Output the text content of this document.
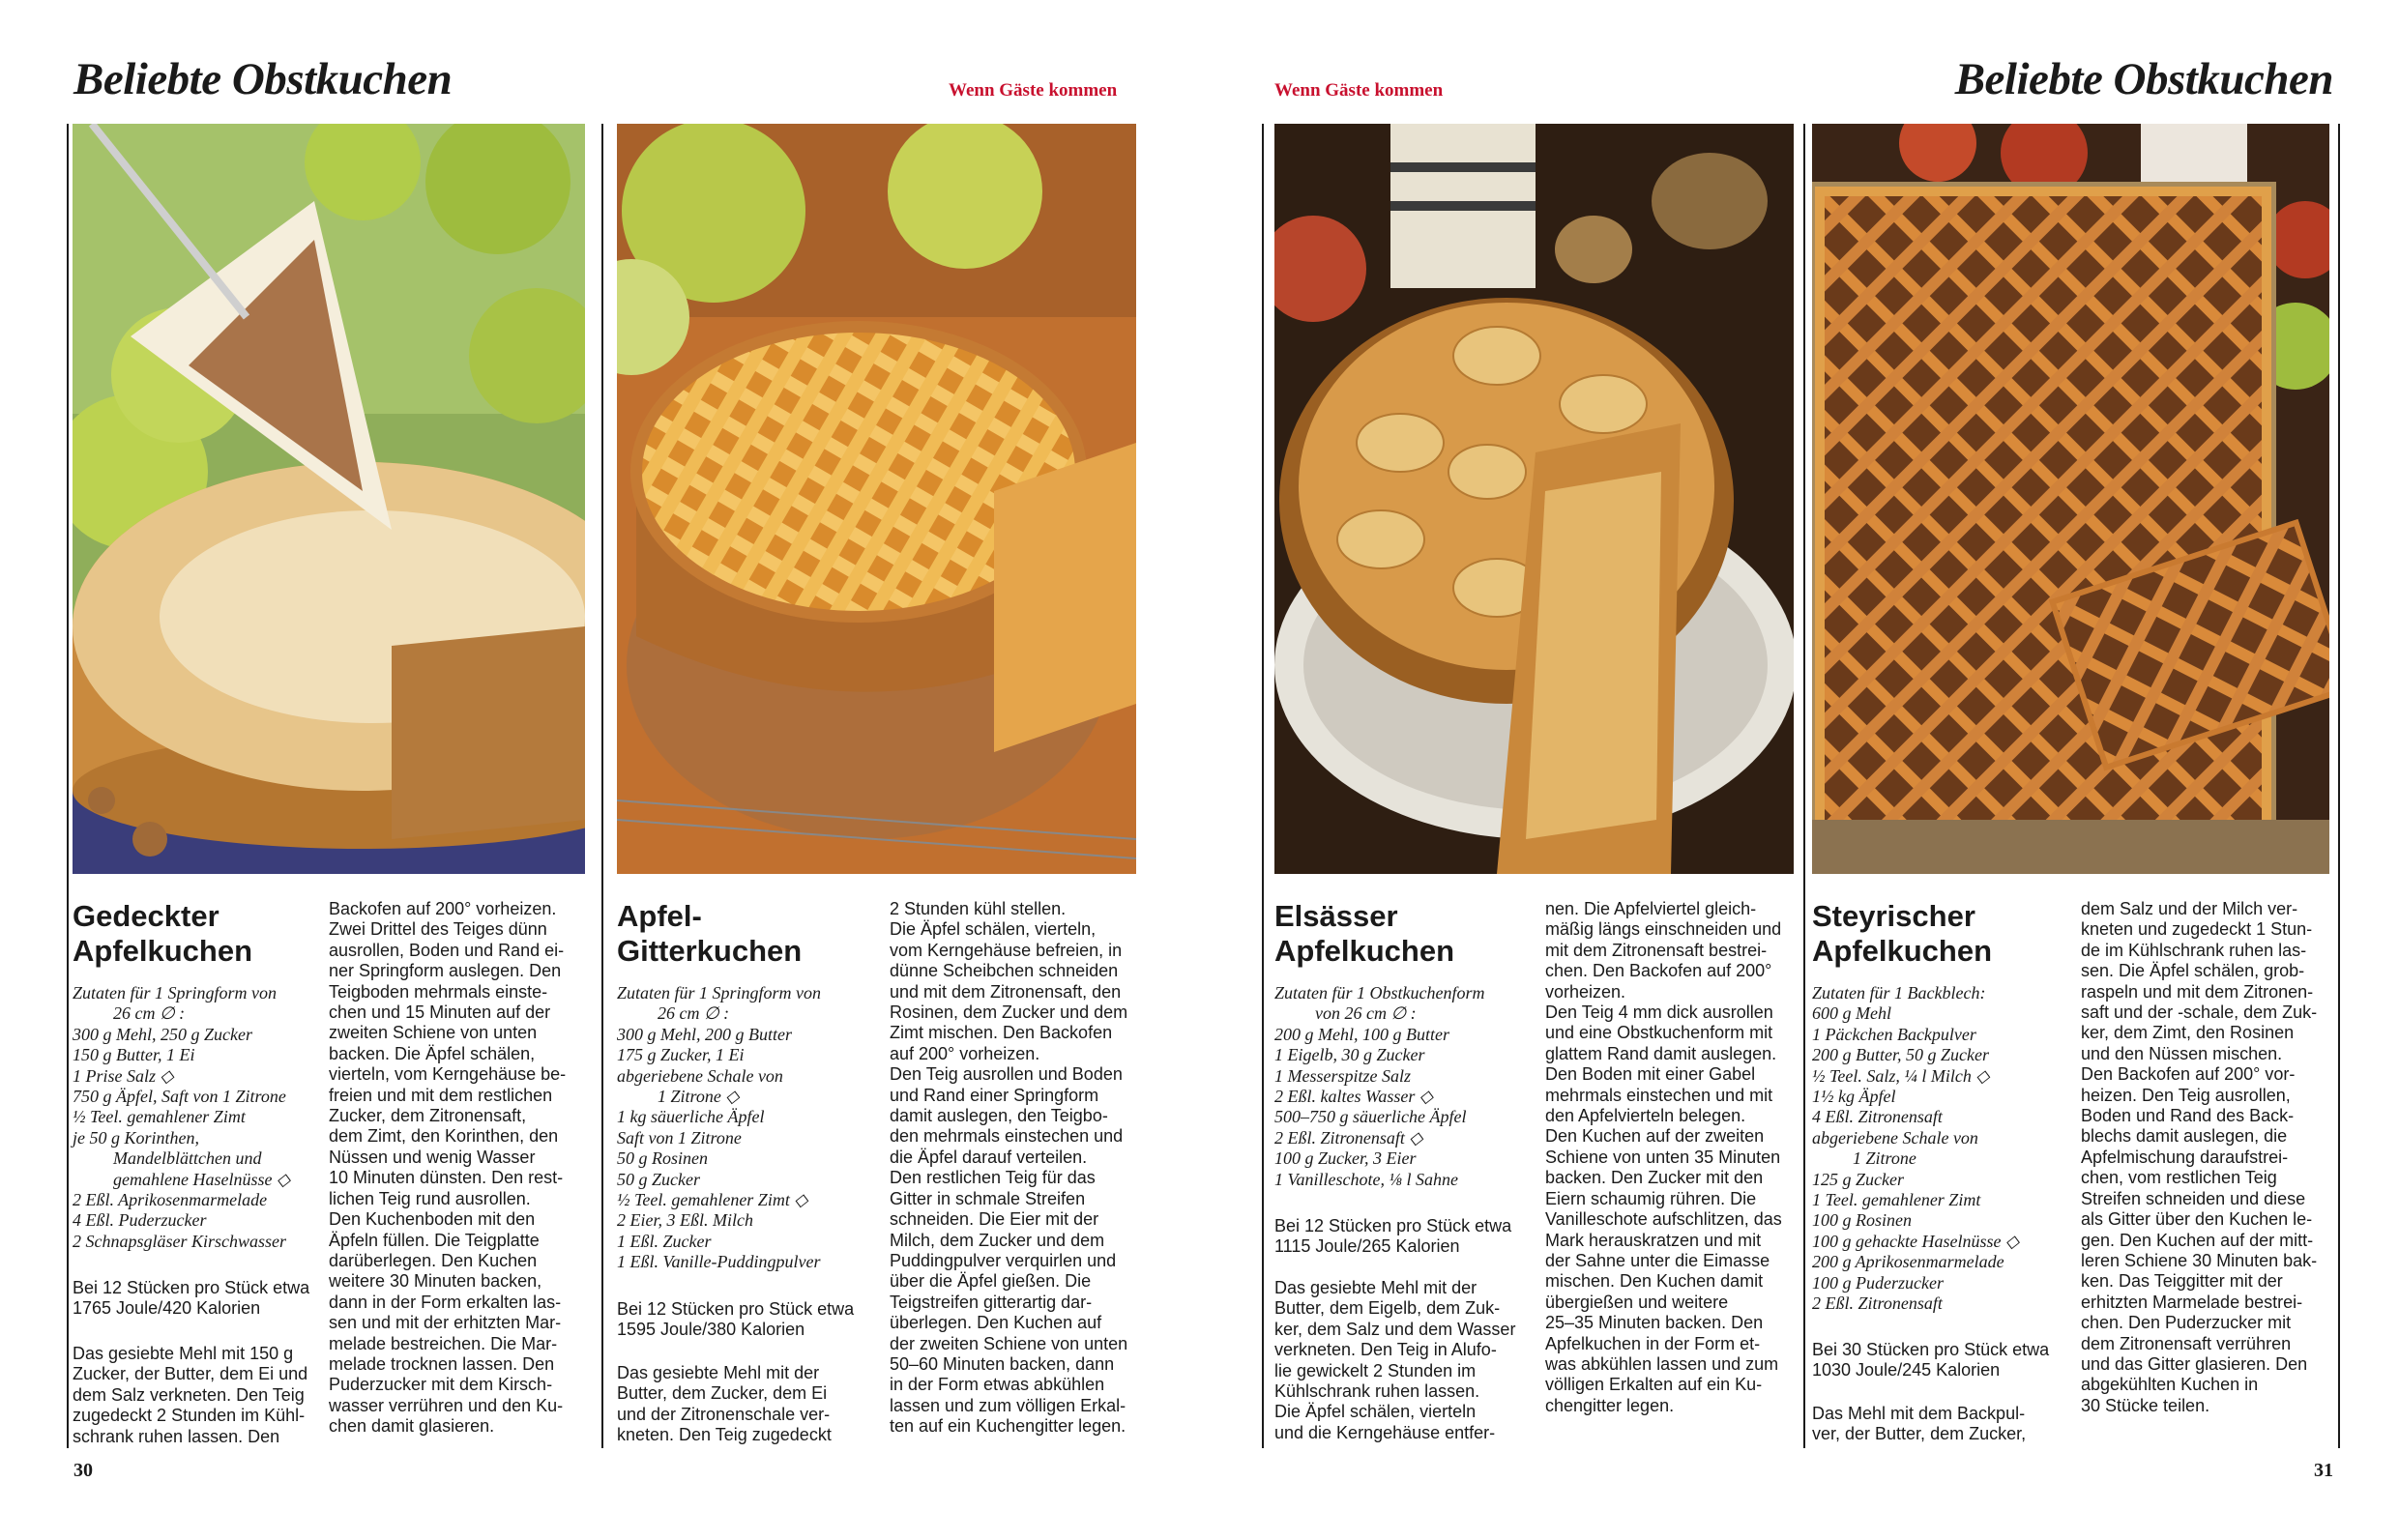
Beliebte Obstkuchen	Wenn Gäste kommen	Wenn Gäste kommen	Beliebte Obstkuchen
Gedeckter
Apfelkuchen
Zutaten für 1 Springform von
26 cm ∅ :
300 g Mehl, 250 g Zucker
150 g Butter, 1 Ei
1 Prise Salz ◇
750 g Äpfel, Saft von 1 Zitrone
½ Teel. gemahlener Zimt
je 50 g Korinthen,
Mandelblättchen und
gemahlene Haselnüsse ◇
2 Eßl. Aprikosenmarmelade
4 Eßl. Puderzucker
2 Schnapsgläser Kirschwasser
Bei 12 Stücken pro Stück etwa
1765 Joule/420 Kalorien
Das gesiebte Mehl mit 150 g
Zucker, der Butter, dem Ei und
dem Salz verkneten. Den Teig
zugedeckt 2 Stunden im Kühl-
schrank ruhen lassen. Den
Backofen auf 200° vorheizen.
Zwei Drittel des Teiges dünn
ausrollen, Boden und Rand ei-
ner Springform auslegen. Den
Teigboden mehrmals einste-
chen und 15 Minuten auf der
zweiten Schiene von unten
backen. Die Äpfel schälen,
vierteln, vom Kerngehäuse be-
freien und mit dem restlichen
Zucker, dem Zitronensaft,
dem Zimt, den Korinthen, den
Nüssen und wenig Wasser
10 Minuten dünsten. Den rest-
lichen Teig rund ausrollen.
Den Kuchenboden mit den
Äpfeln füllen. Die Teigplatte
darüberlegen. Den Kuchen
weitere 30 Minuten backen,
dann in der Form erkalten las-
sen und mit der erhitzten Mar-
melade bestreichen. Die Mar-
melade trocknen lassen. Den
Puderzucker mit dem Kirsch-
wasser verrühren und den Ku-
chen damit glasieren.
Apfel-
Gitterkuchen
Zutaten für 1 Springform von
26 cm ∅ :
300 g Mehl, 200 g Butter
175 g Zucker, 1 Ei
abgeriebene Schale von
1 Zitrone ◇
1 kg säuerliche Äpfel
Saft von 1 Zitrone
50 g Rosinen
50 g Zucker
½ Teel. gemahlener Zimt ◇
2 Eier, 3 Eßl. Milch
1 Eßl. Zucker
1 Eßl. Vanille-Puddingpulver
Bei 12 Stücken pro Stück etwa
1595 Joule/380 Kalorien
Das gesiebte Mehl mit der
Butter, dem Zucker, dem Ei
und der Zitronenschale ver-
kneten. Den Teig zugedeckt
2 Stunden kühl stellen.
Die Äpfel schälen, vierteln,
vom Kerngehäuse befreien, in
dünne Scheibchen schneiden
und mit dem Zitronensaft, den
Rosinen, dem Zucker und dem
Zimt mischen. Den Backofen
auf 200° vorheizen.
Den Teig ausrollen und Boden
und Rand einer Springform
damit auslegen, den Teigbo-
den mehrmals einstechen und
die Äpfel darauf verteilen.
Den restlichen Teig für das
Gitter in schmale Streifen
schneiden. Die Eier mit der
Milch, dem Zucker und dem
Puddingpulver verquirlen und
über die Äpfel gießen. Die
Teigstreifen gitterartig dar-
überlegen. Den Kuchen auf
der zweiten Schiene von unten
50–60 Minuten backen, dann
in der Form etwas abkühlen
lassen und zum völligen Erkal-
ten auf ein Kuchengitter legen.
Elsässer
Apfelkuchen
Zutaten für 1 Obstkuchenform
von 26 cm ∅ :
200 g Mehl, 100 g Butter
1 Eigelb, 30 g Zucker
1 Messerspitze Salz
2 Eßl. kaltes Wasser ◇
500–750 g säuerliche Äpfel
2 Eßl. Zitronensaft ◇
100 g Zucker, 3 Eier
1 Vanilleschote, ⅛ l Sahne
Bei 12 Stücken pro Stück etwa
1115 Joule/265 Kalorien
Das gesiebte Mehl mit der
Butter, dem Eigelb, dem Zuk-
ker, dem Salz und dem Wasser
verkneten. Den Teig in Alufo-
lie gewickelt 2 Stunden im
Kühlschrank ruhen lassen.
Die Äpfel schälen, vierteln
und die Kerngehäuse entfer-
nen. Die Apfelviertel gleich-
mäßig längs einschneiden und
mit dem Zitronensaft bestrei-
chen. Den Backofen auf 200°
vorheizen.
Den Teig 4 mm dick ausrollen
und eine Obstkuchenform mit
glattem Rand damit auslegen.
Den Boden mit einer Gabel
mehrmals einstechen und mit
den Apfelvierteln belegen.
Den Kuchen auf der zweiten
Schiene von unten 35 Minuten
backen. Den Zucker mit den
Eiern schaumig rühren. Die
Vanilleschote aufschlitzen, das
Mark herauskratzen und mit
der Sahne unter die Eimasse
mischen. Den Kuchen damit
übergießen und weitere
25–35 Minuten backen. Den
Apfelkuchen in der Form et-
was abkühlen lassen und zum
völligen Erkalten auf ein Ku-
chengitter legen.
Steyrischer
Apfelkuchen
Zutaten für 1 Backblech:
600 g Mehl
1 Päckchen Backpulver
200 g Butter, 50 g Zucker
½ Teel. Salz, ¼ l Milch ◇
1½ kg Äpfel
4 Eßl. Zitronensaft
abgeriebene Schale von
1 Zitrone
125 g Zucker
1 Teel. gemahlener Zimt
100 g Rosinen
100 g gehackte Haselnüsse ◇
200 g Aprikosenmarmelade
100 g Puderzucker
2 Eßl. Zitronensaft
Bei 30 Stücken pro Stück etwa
1030 Joule/245 Kalorien
Das Mehl mit dem Backpul-
ver, der Butter, dem Zucker,
dem Salz und der Milch ver-
kneten und zugedeckt 1 Stun-
de im Kühlschrank ruhen las-
sen. Die Äpfel schälen, grob-
raspeln und mit dem Zitronen-
saft und der -schale, dem Zuk-
ker, dem Zimt, den Rosinen
und den Nüssen mischen.
Den Backofen auf 200° vor-
heizen. Den Teig ausrollen,
Boden und Rand des Back-
blechs damit auslegen, die
Apfelmischung daraufstrei-
chen, vom restlichen Teig
Streifen schneiden und diese
als Gitter über den Kuchen le-
gen. Den Kuchen auf der mitt-
leren Schiene 30 Minuten bak-
ken. Das Teiggitter mit der
erhitzten Marmelade bestrei-
chen. Den Puderzucker mit
dem Zitronensaft verrühren
und das Gitter glasieren. Den
abgekühlten Kuchen in
30 Stücke teilen.
30	31
